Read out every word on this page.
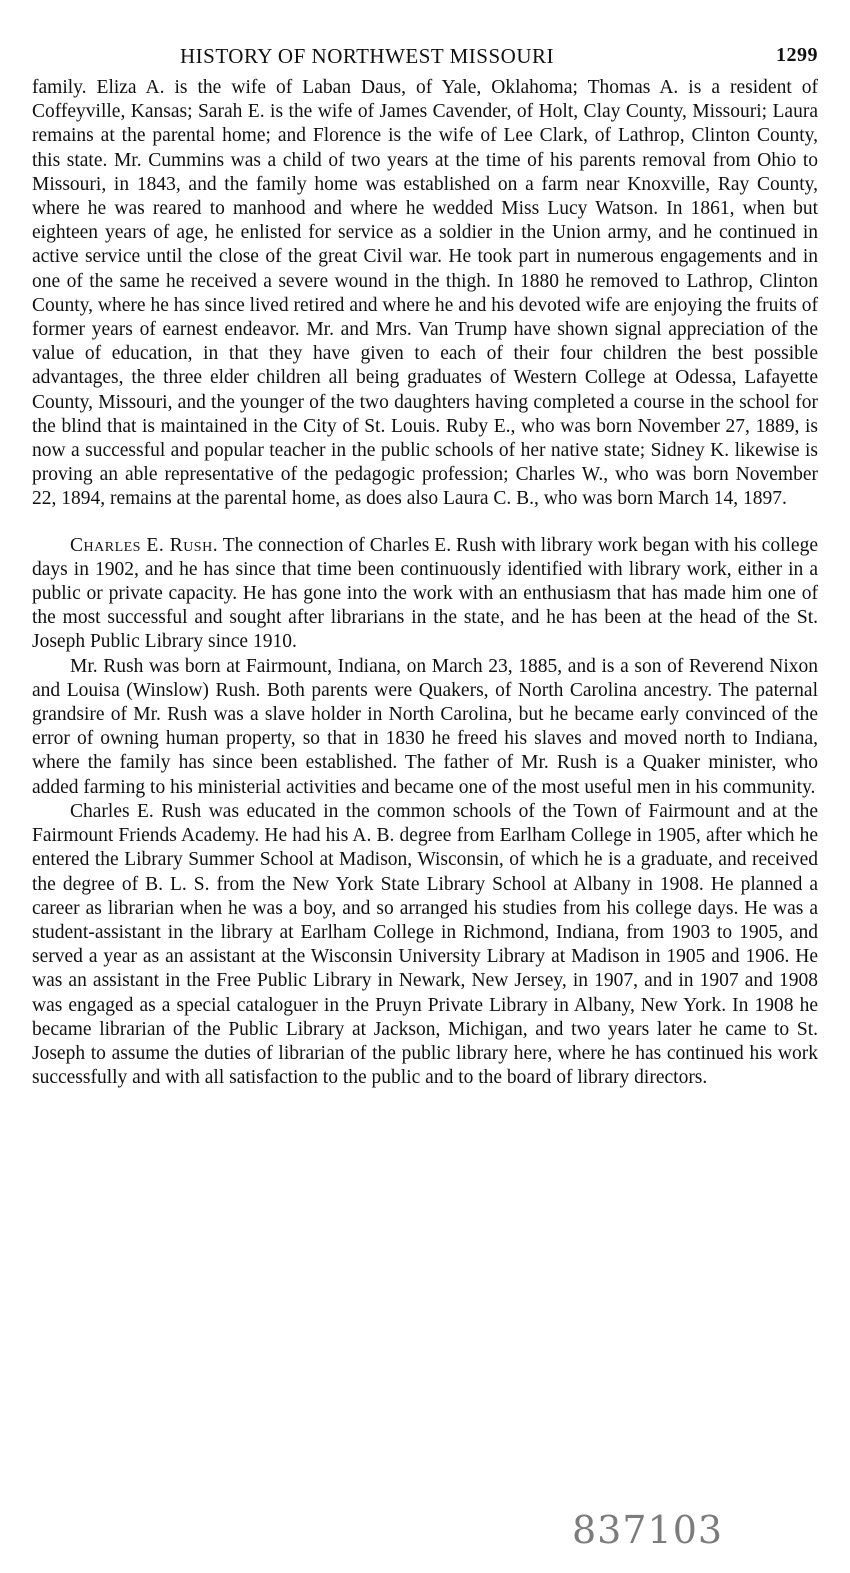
HISTORY OF NORTHWEST MISSOURI	1299

family. Eliza A. is the wife of Laban Daus, of Yale, Oklahoma; Thomas A. is a resident of Coffeyville, Kansas; Sarah E. is the wife of James Cavender, of Holt, Clay County, Missouri; Laura remains at the parental home; and Florence is the wife of Lee Clark, of Lathrop, Clinton County, this state. Mr. Cummins was a child of two years at the time of his parents removal from Ohio to Missouri, in 1843, and the family home was established on a farm near Knoxville, Ray County, where he was reared to manhood and where he wedded Miss Lucy Watson. In 1861, when but eighteen years of age, he enlisted for service as a soldier in the Union army, and he continued in active service until the close of the great Civil war. He took part in numerous engagements and in one of the same he received a severe wound in the thigh. In 1880 he removed to Lathrop, Clinton County, where he has since lived retired and where he and his devoted wife are enjoying the fruits of former years of earnest endeavor. Mr. and Mrs. Van Trump have shown signal appreciation of the value of education, in that they have given to each of their four children the best possible advantages, the three elder children all being graduates of Western College at Odessa, Lafayette County, Missouri, and the younger of the two daughters having completed a course in the school for the blind that is maintained in the City of St. Louis. Ruby E., who was born November 27, 1889, is now a successful and popular teacher in the public schools of her native state; Sidney K. likewise is proving an able representative of the pedagogic profession; Charles W., who was born November 22, 1894, remains at the parental home, as does also Laura C. B., who was born March 14, 1897.

Charles E. Rush. The connection of Charles E. Rush with library work began with his college days in 1902, and he has since that time been continuously identified with library work, either in a public or private capacity. He has gone into the work with an enthusiasm that has made him one of the most successful and sought after librarians in the state, and he has been at the head of the St. Joseph Public Library since 1910.

Mr. Rush was born at Fairmount, Indiana, on March 23, 1885, and is a son of Reverend Nixon and Louisa (Winslow) Rush. Both parents were Quakers, of North Carolina ancestry. The paternal grandsire of Mr. Rush was a slave holder in North Carolina, but he became early convinced of the error of owning human property, so that in 1830 he freed his slaves and moved north to Indiana, where the family has since been established. The father of Mr. Rush is a Quaker minister, who added farming to his ministerial activities and became one of the most useful men in his community.

Charles E. Rush was educated in the common schools of the Town of Fairmount and at the Fairmount Friends Academy. He had his A. B. degree from Earlham College in 1905, after which he entered the Library Summer School at Madison, Wisconsin, of which he is a graduate, and received the degree of B. L. S. from the New York State Library School at Albany in 1908. He planned a career as librarian when he was a boy, and so arranged his studies from his college days. He was a student-assistant in the library at Earlham College in Richmond, Indiana, from 1903 to 1905, and served a year as an assistant at the Wisconsin University Library at Madison in 1905 and 1906. He was an assistant in the Free Public Library in Newark, New Jersey, in 1907, and in 1907 and 1908 was engaged as a special cataloguer in the Pruyn Private Library in Albany, New York. In 1908 he became librarian of the Public Library at Jackson, Michigan, and two years later he came to St. Joseph to assume the duties of librarian of the public library here, where he has continued his work successfully and with all satisfaction to the public and to the board of library directors.

837103
